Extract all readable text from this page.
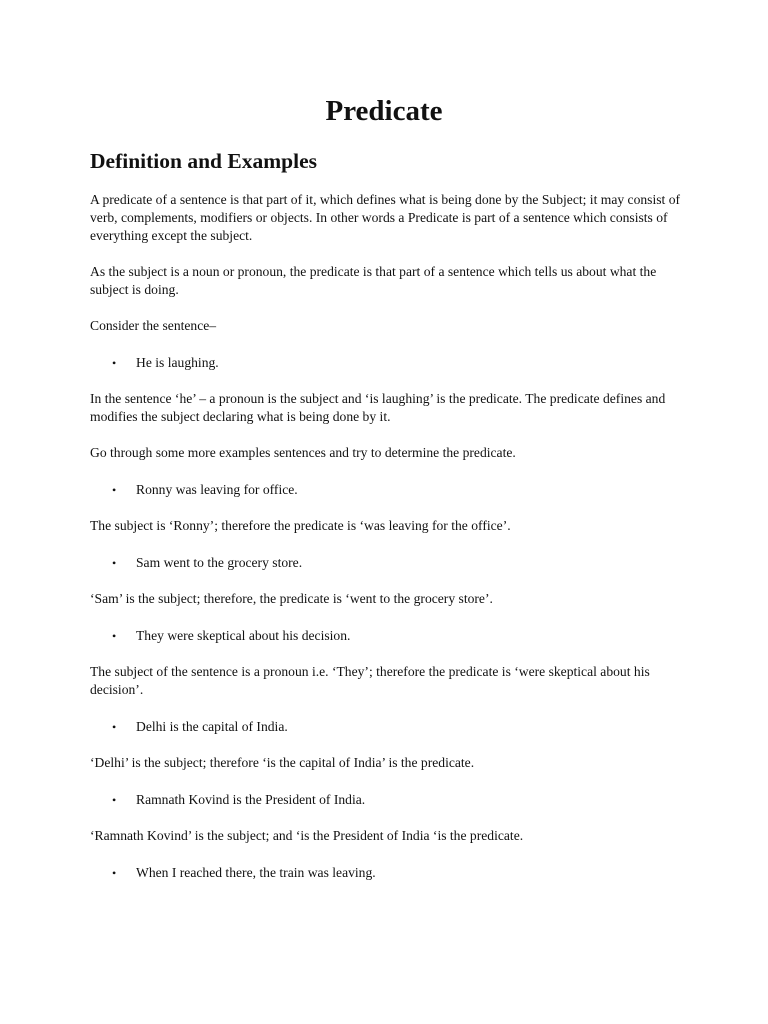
Predicate
Definition and Examples

A predicate of a sentence is that part of it, which defines what is being done by the Subject; it may consist of verb, complements, modifiers or objects. In other words a Predicate is part of a sentence which consists of everything except the subject.

As the subject is a noun or pronoun, the predicate is that part of a sentence which tells us about what the subject is doing.

Consider the sentence–

• He is laughing.

In the sentence ‘he’ – a pronoun is the subject and ‘is laughing’ is the predicate. The predicate defines and modifies the subject declaring what is being done by it.

Go through some more examples sentences and try to determine the predicate.

• Ronny was leaving for office.

The subject is ‘Ronny’; therefore the predicate is ‘was leaving for the office’.

• Sam went to the grocery store.

‘Sam’ is the subject; therefore, the predicate is ‘went to the grocery store’.

• They were skeptical about his decision.

The subject of the sentence is a pronoun i.e. ‘They’; therefore the predicate is ‘were skeptical about his decision’.

• Delhi is the capital of India.

‘Delhi’ is the subject; therefore ‘is the capital of India’ is the predicate.

• Ramnath Kovind is the President of India.

‘Ramnath Kovind’ is the subject; and ‘is the President of India ‘is the predicate.

• When I reached there, the train was leaving.
